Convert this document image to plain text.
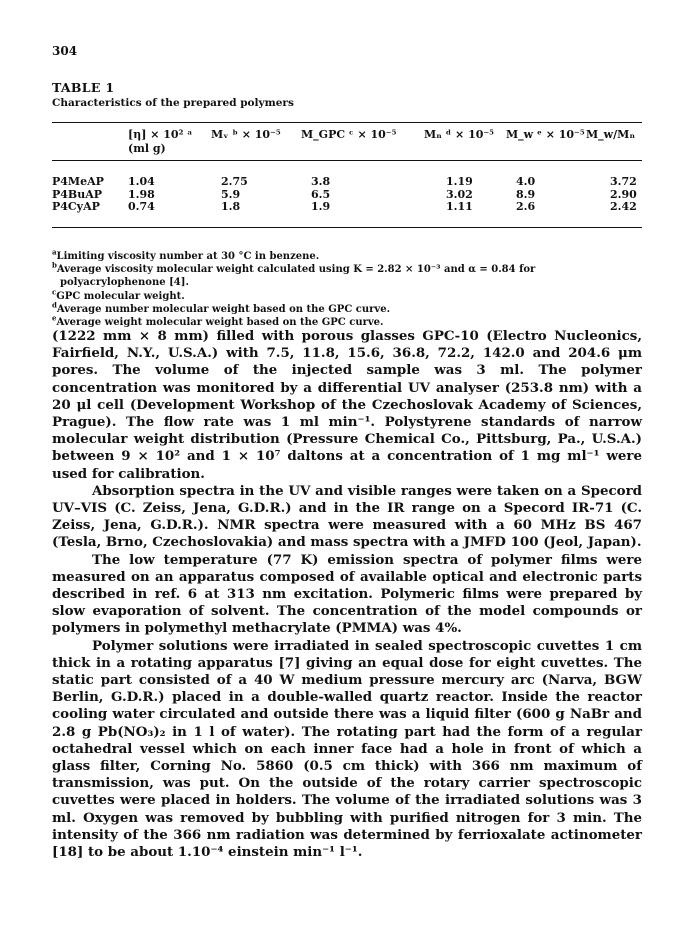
304
TABLE 1
Characteristics of the prepared polymers
	[η] × 10² ᵃ
(ml g)	Mᵥ ᵇ × 10⁻⁵	M_GPC ᶜ × 10⁻⁵	Mₙ ᵈ × 10⁻⁵	M_w ᵉ × 10⁻⁵	M_w/Mₙ

P4MeAP	1.04	2.75	3.8	1.19	4.0	3.72
P4BuAP	1.98	5.9	6.5	3.02	8.9	2.90
P4CyAP	0.74	1.8	1.9	1.11	2.6	2.42

$^a$Limiting viscosity number at 30 °C in benzene.

$^b$Average viscosity molecular weight calculated using K = 2.82 × 10⁻³ and α = 0.84 for polyacrylophenone [4].

$^c$GPC molecular weight.

$^d$Average number molecular weight based on the GPC curve.

$^e$Average weight molecular weight based on the GPC curve.

(1222 mm × 8 mm) filled with porous glasses GPC-10 (Electro Nucleonics, Fairfield, N.Y., U.S.A.) with 7.5, 11.8, 15.6, 36.8, 72.2, 142.0 and 204.6 μm pores. The volume of the injected sample was 3 ml. The polymer concentration was monitored by a differential UV analyser (253.8 nm) with a 20 μl cell (Development Workshop of the Czechoslovak Academy of Sciences, Prague). The flow rate was 1 ml min⁻¹. Polystyrene standards of narrow molecular weight distribution (Pressure Chemical Co., Pittsburg, Pa., U.S.A.) between 9 × 10² and 1 × 10⁷ daltons at a concentration of 1 mg ml⁻¹ were used for calibration.

Absorption spectra in the UV and visible ranges were taken on a Specord UV–VIS (C. Zeiss, Jena, G.D.R.) and in the IR range on a Specord IR-71 (C. Zeiss, Jena, G.D.R.). NMR spectra were measured with a 60 MHz BS 467 (Tesla, Brno, Czechoslovakia) and mass spectra with a JMFD 100 (Jeol, Japan).

The low temperature (77 K) emission spectra of polymer films were measured on an apparatus composed of available optical and electronic parts described in ref. 6 at 313 nm excitation. Polymeric films were prepared by slow evaporation of solvent. The concentration of the model compounds or polymers in polymethyl methacrylate (PMMA) was 4%.

Polymer solutions were irradiated in sealed spectroscopic cuvettes 1 cm thick in a rotating apparatus [7] giving an equal dose for eight cuvettes. The static part consisted of a 40 W medium pressure mercury arc (Narva, BGW Berlin, G.D.R.) placed in a double-walled quartz reactor. Inside the reactor cooling water circulated and outside there was a liquid filter (600 g NaBr and 2.8 g Pb(NO₃)₂ in 1 l of water). The rotating part had the form of a regular octahedral vessel which on each inner face had a hole in front of which a glass filter, Corning No. 5860 (0.5 cm thick) with 366 nm maximum of transmission, was put. On the outside of the rotary carrier spectroscopic cuvettes were placed in holders. The volume of the irradiated solutions was 3 ml. Oxygen was removed by bubbling with purified nitrogen for 3 min. The intensity of the 366 nm radiation was determined by ferrioxalate actinometer [18] to be about 1.10⁻⁴ einstein min⁻¹ l⁻¹.
